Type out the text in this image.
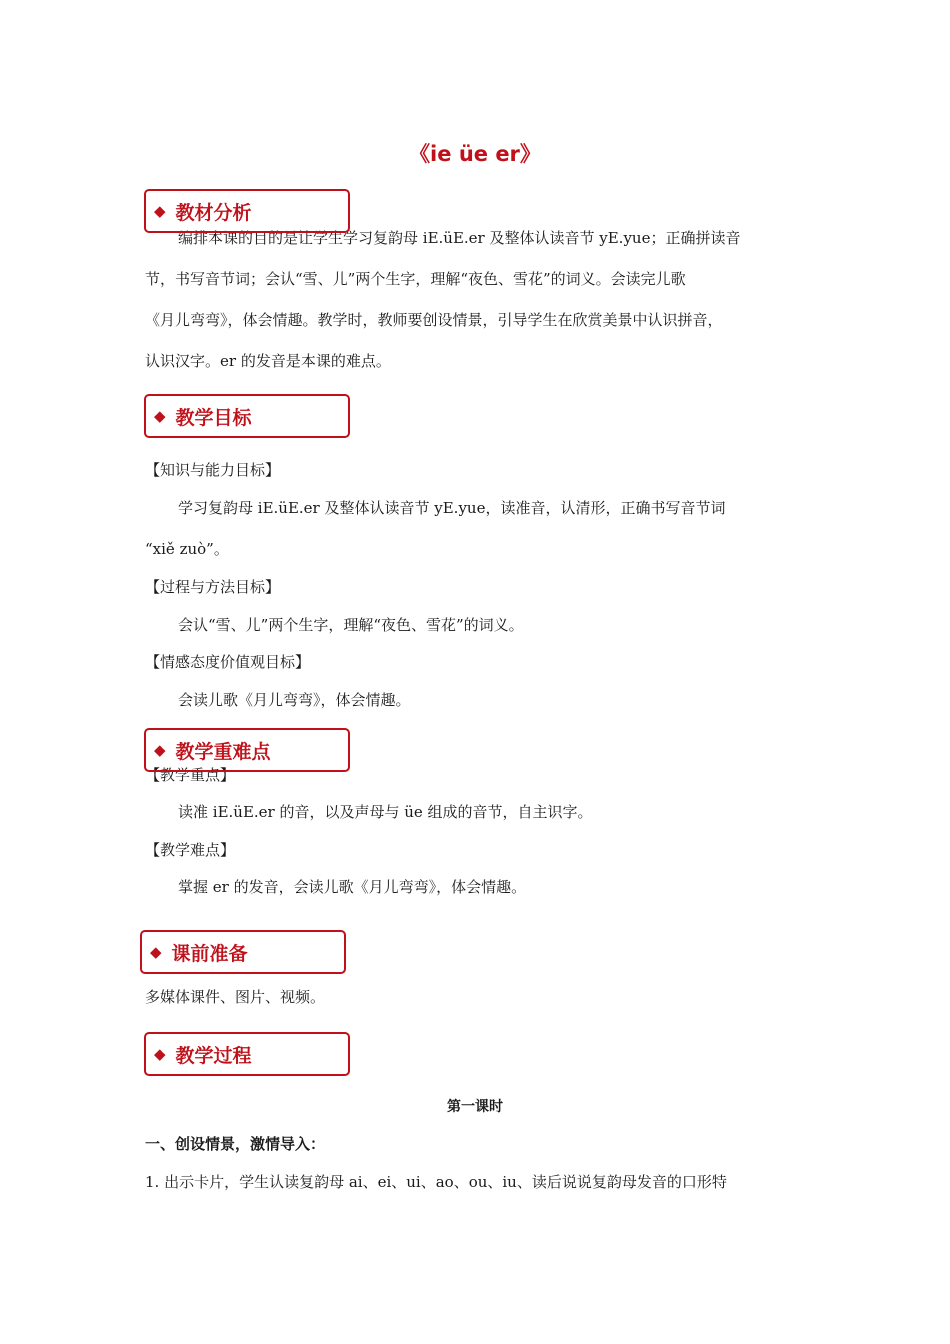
《ie üe er》
◆ 教材分析
编排本课的目的是让学生学习复韵母 iE.üE.er 及整体认读音节 yE.yue；正确拼读音
节，书写音节词；会认“雪、儿”两个生字，理解“夜色、雪花”的词义。会读完儿歌
《月儿弯弯》，体会情趣。教学时，教师要创设情景，引导学生在欣赏美景中认识拼音，
认识汉字。er 的发音是本课的难点。
◆ 教学目标
【知识与能力目标】
学习复韵母 iE.üE.er 及整体认读音节 yE.yue，读准音，认清形，正确书写音节词
“xiě zuò”。
【过程与方法目标】
会认“雪、儿”两个生字，理解“夜色、雪花”的词义。
【情感态度价值观目标】
会读儿歌《月儿弯弯》，体会情趣。
◆ 教学重难点
【教学重点】
读准 iE.üE.er 的音，以及声母与 üe 组成的音节，自主识字。
【教学难点】
掌握 er 的发音，会读儿歌《月儿弯弯》，体会情趣。
◆ 课前准备
多媒体课件、图片、视频。
◆ 教学过程
第一课时
一、创设情景，激情导入：
1. 出示卡片，学生认读复韵母 ai、ei、ui、ao、ou、iu、读后说说复韵母发音的口形特
